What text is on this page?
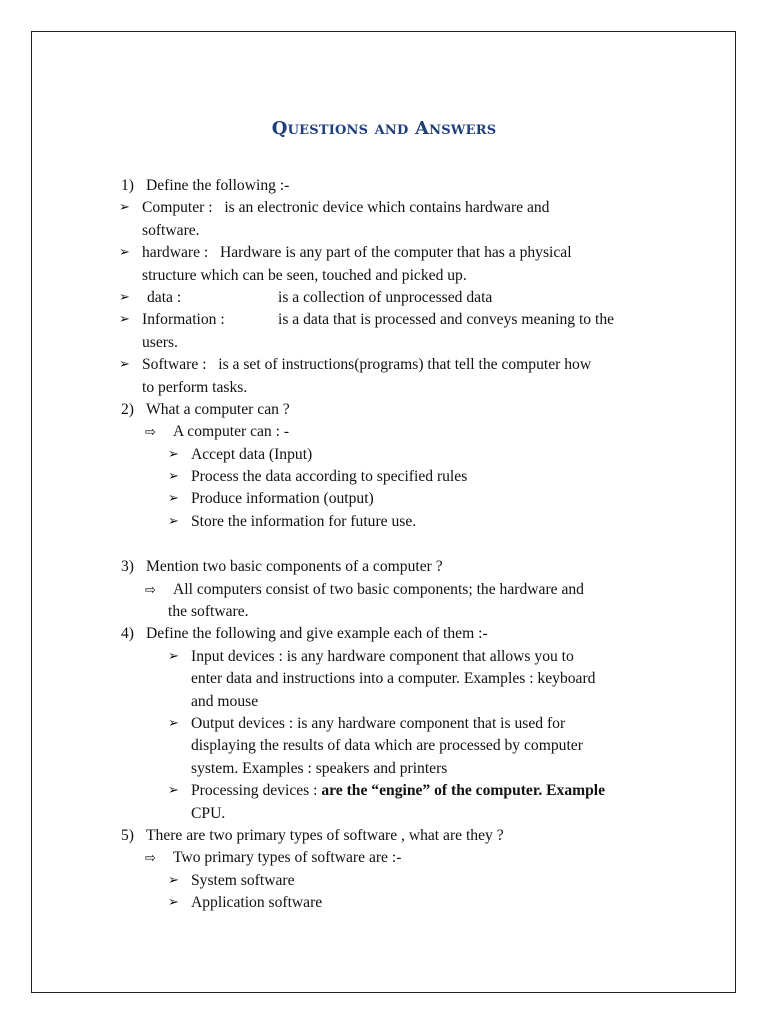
Questions and Answers
1) Define the following :-
➢ Computer : is an electronic device which contains hardware and
software.
➢ hardware : Hardware is any part of the computer that has a physical
structure which can be seen, touched and picked up.
➢ data :	is a collection of unprocessed data
➢ Information :	is a data that is processed and conveys meaning to the
users.
➢ Software : is a set of instructions(programs) that tell the computer how
to perform tasks.
2) What a computer can ?
⇨ A computer can : -
➢ Accept data (Input)
➢ Process the data according to specified rules
➢ Produce information (output)
➢ Store the information for future use.
3) Mention two basic components of a computer ?
⇨ All computers consist of two basic components; the hardware and
the software.
4) Define the following and give example each of them :-
➢ Input devices : is any hardware component that allows you to
enter data and instructions into a computer. Examples : keyboard
and mouse
➢ Output devices : is any hardware component that is used for
displaying the results of data which are processed by computer
system. Examples : speakers and printers
➢ Processing devices : are the “engine” of the computer. Example
CPU.
5) There are two primary types of software , what are they ?
⇨ Two primary types of software are :-
➢ System software
➢ Application software
